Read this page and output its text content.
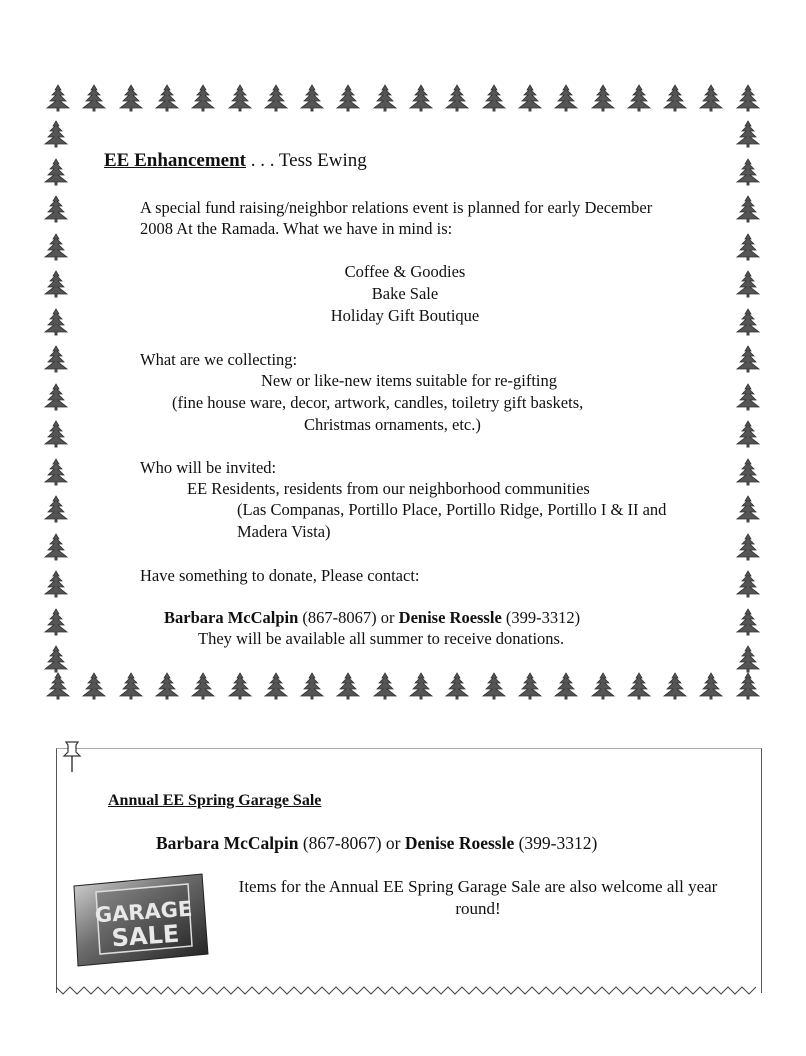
EE Enhancement . . . Tess Ewing
A special fund raising/neighbor relations event is planned for early December
2008 At the Ramada. What we have in mind is:
Coffee & Goodies
Bake Sale
Holiday Gift Boutique
What are we collecting:
New or like-new items suitable for re-gifting
(fine house ware, decor, artwork, candles, toiletry gift baskets,
Christmas ornaments, etc.)
Who will be invited:
EE Residents, residents from our neighborhood communities
(Las Companas, Portillo Place, Portillo Ridge, Portillo I & II and
Madera Vista)
Have something to donate, Please contact:
Barbara McCalpin (867-8067) or Denise Roessle (399-3312)
They will be available all summer to receive donations.
Annual EE Spring Garage Sale
Barbara McCalpin (867-8067) or Denise Roessle (399-3312)
Items for the Annual EE Spring Garage Sale are also welcome all year round!
GARAGE
SALE
